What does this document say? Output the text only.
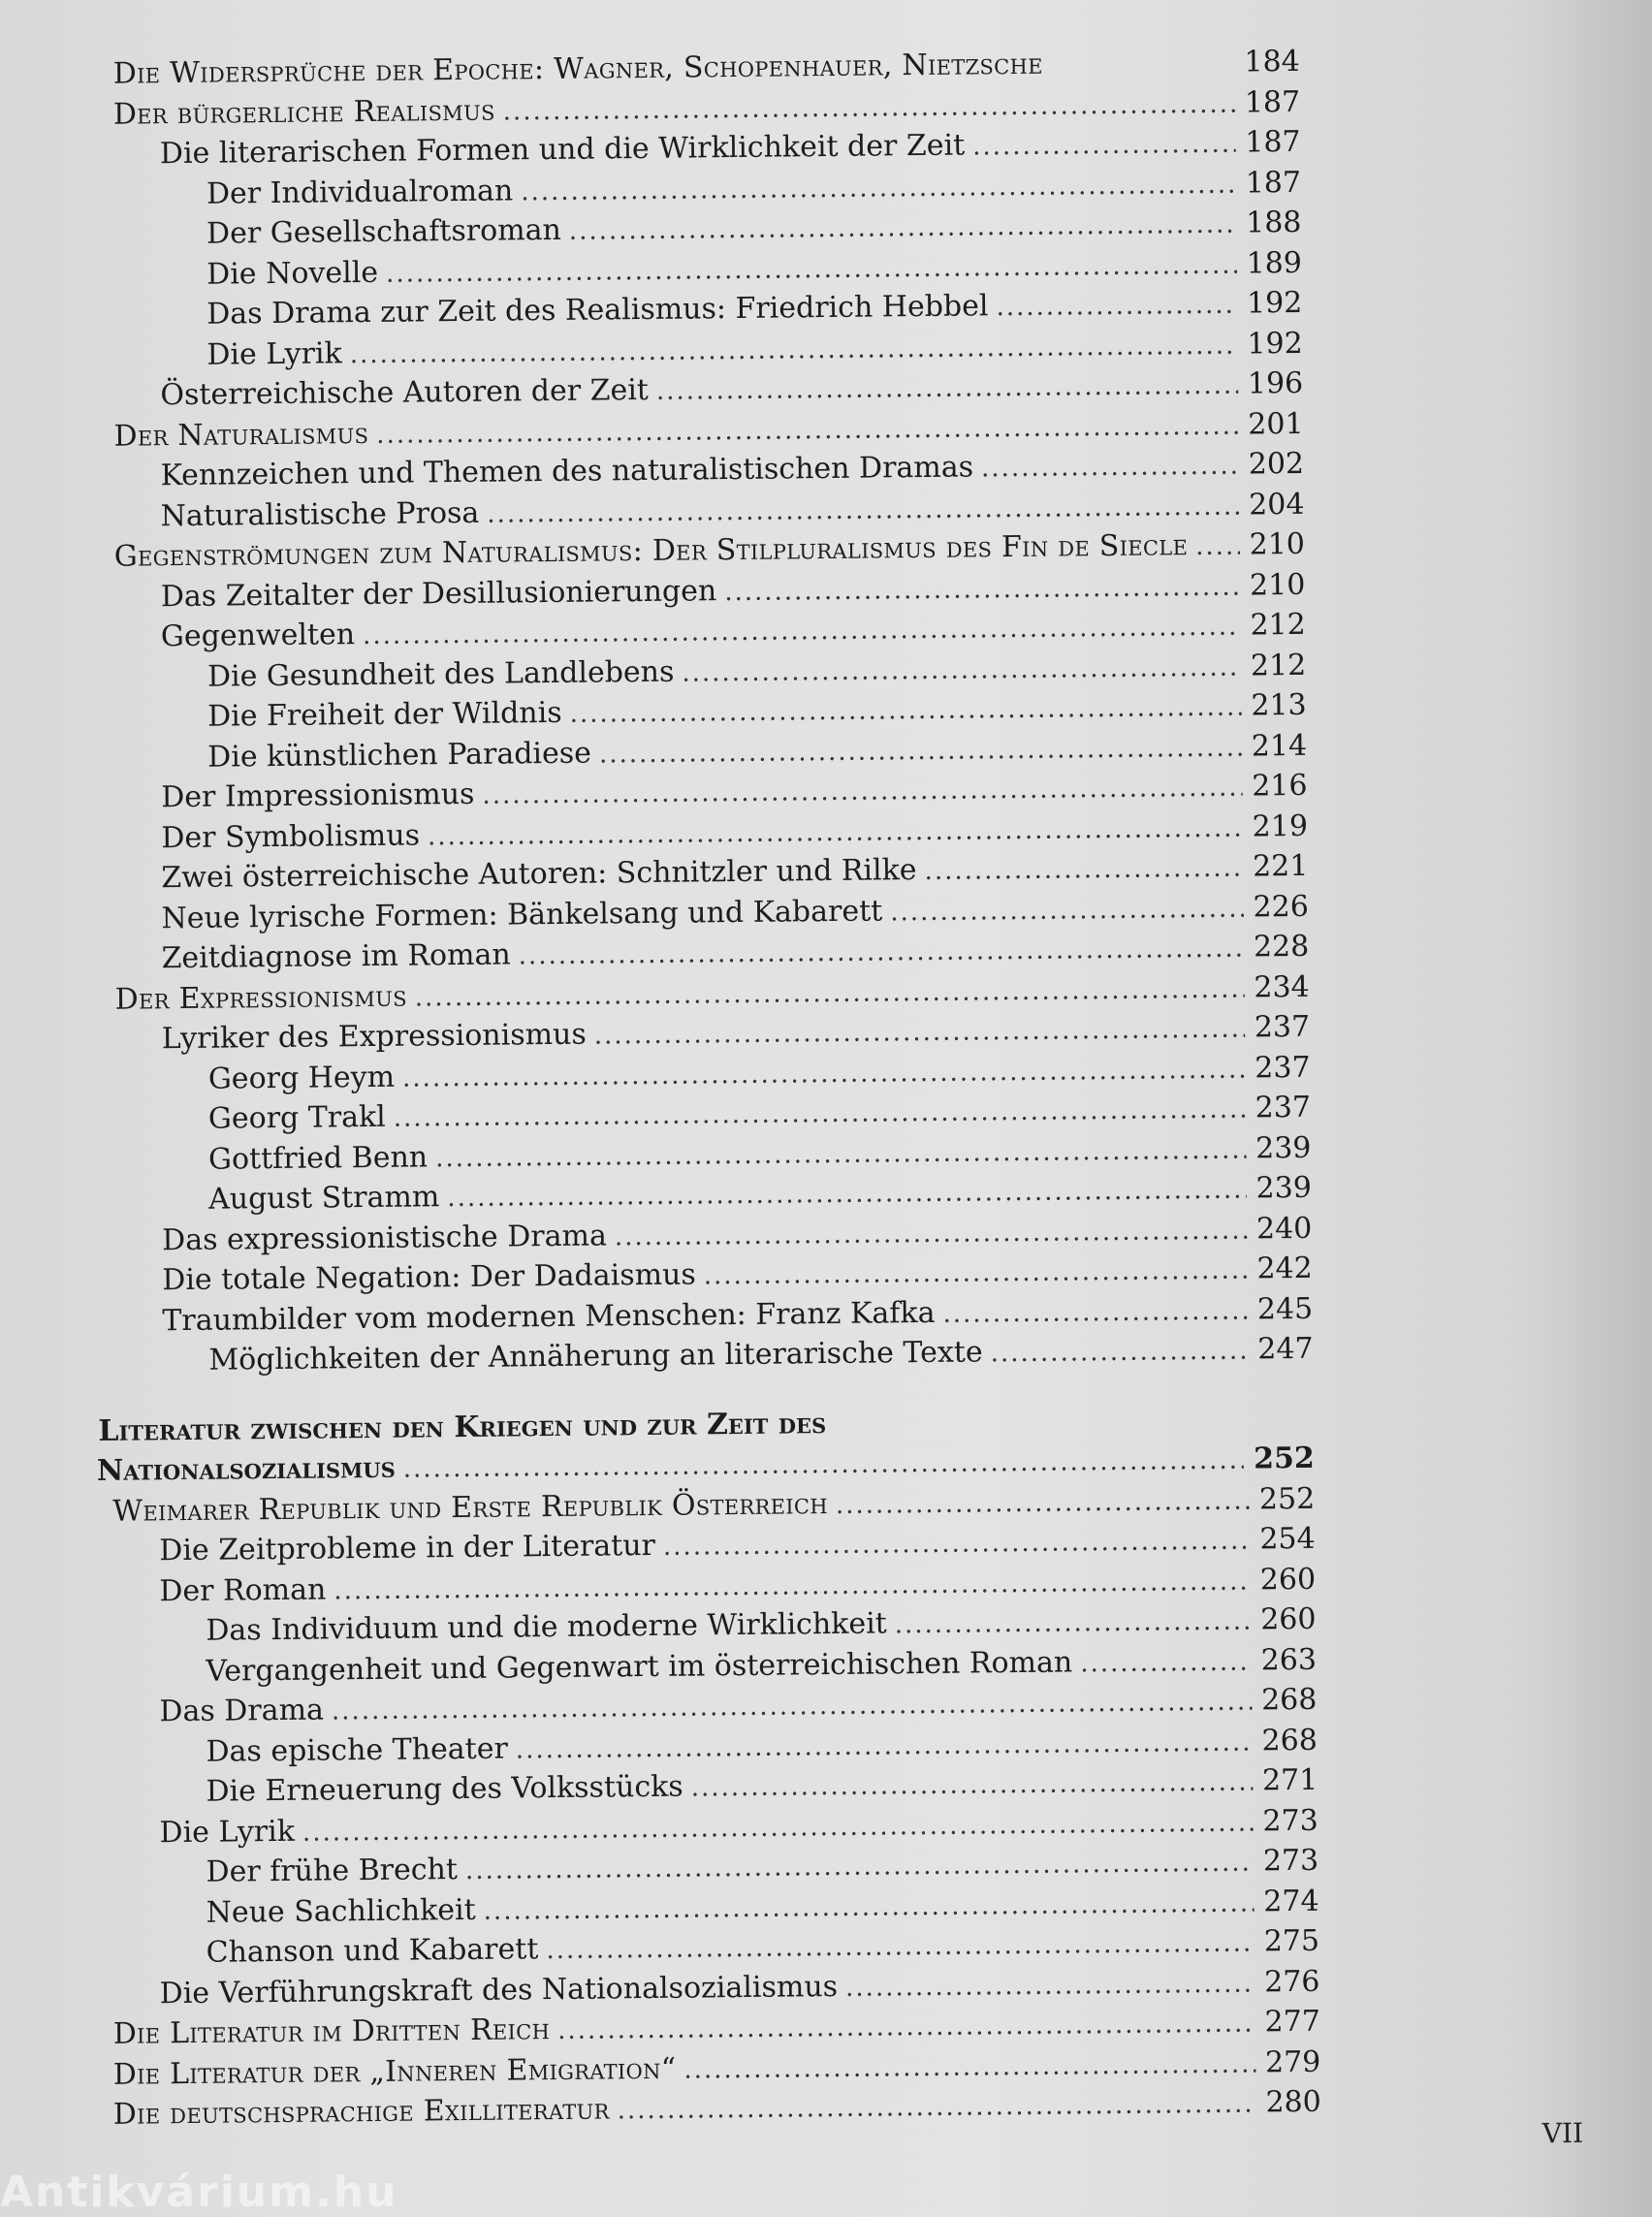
Die Widersprüche der Epoche: Wagner, Schopenhauer, Nietzsche	184
Der bürgerliche Realismus .....	187
Die literarischen Formen und die Wirklichkeit der Zeit .....	187
Der Individualroman .....	187
Der Gesellschaftsroman .....	188
Die Novelle .....	189
Das Drama zur Zeit des Realismus: Friedrich Hebbel .....	192
Die Lyrik .....	192
Österreichische Autoren der Zeit .....	196
Der Naturalismus .....	201
Kennzeichen und Themen des naturalistischen Dramas .....	202
Naturalistische Prosa .....	204
Gegenströmungen zum Naturalismus: Der Stilpluralismus des Fin de Siecle ..... 210
Das Zeitalter der Desillusionierungen .....	210
Gegenwelten .....	212
Die Gesundheit des Landlebens .....	212
Die Freiheit der Wildnis .....	213
Die künstlichen Paradiese .....	214
Der Impressionismus .....	216
Der Symbolismus .....	219
Zwei österreichische Autoren: Schnitzler und Rilke .....	221
Neue lyrische Formen: Bänkelsang und Kabarett .....	226
Zeitdiagnose im Roman .....	228
Der Expressionismus .....	234
Lyriker des Expressionismus .....	237
Georg Heym .....	237
Georg Trakl .....	237
Gottfried Benn .....	239
August Stramm .....	239
Das expressionistische Drama .....	240
Die totale Negation: Der Dadaismus .....	242
Traumbilder vom modernen Menschen: Franz Kafka .....	245
Möglichkeiten der Annäherung an literarische Texte .....	247
Literatur zwischen den Kriegen und zur Zeit des
Nationalsozialismus .....	252
Weimarer Republik und Erste Republik Österreich .....	252
Die Zeitprobleme in der Literatur .....	254
Der Roman .....	260
Das Individuum und die moderne Wirklichkeit .....	260
Vergangenheit und Gegenwart im österreichischen Roman .....	263
Das Drama .....	268
Das epische Theater .....	268
Die Erneuerung des Volksstücks .....	271
Die Lyrik .....	273
Der frühe Brecht .....	273
Neue Sachlichkeit .....	274
Chanson und Kabarett .....	275
Die Verführungskraft des Nationalsozialismus .....	276
Die Literatur im Dritten Reich .....	277
Die Literatur der „Inneren Emigration“ .....	279
Die deutschsprachige Exilliteratur .....	280
VII
Antikvárium.hu
